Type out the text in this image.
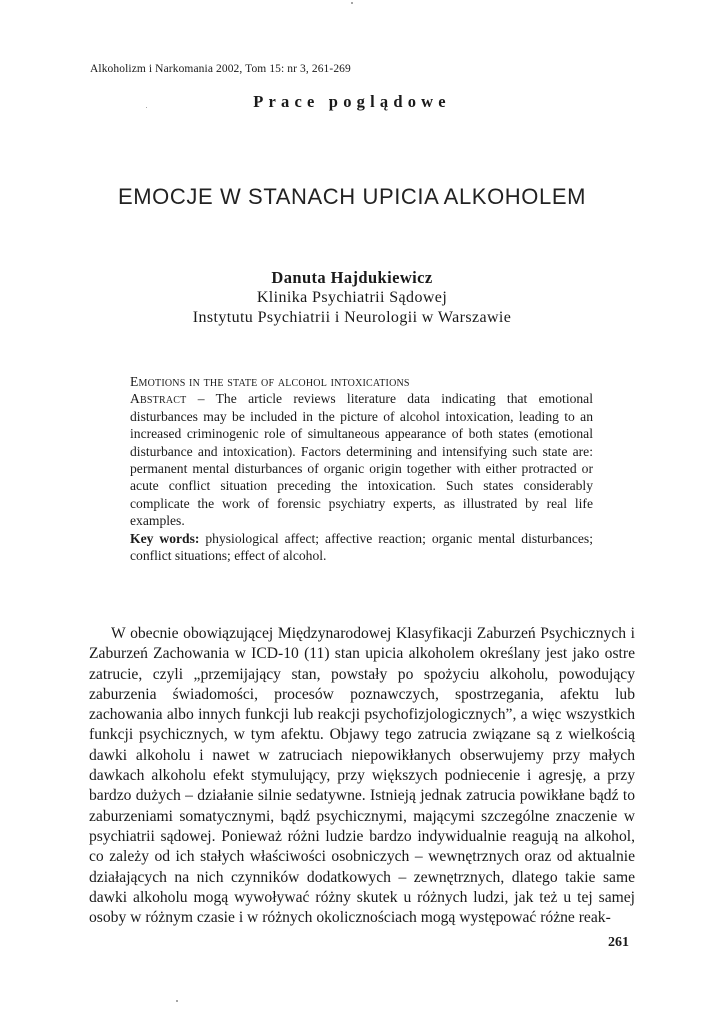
Alkoholizm i Narkomania 2002, Tom 15: nr 3, 261-269
Prace poglądowe
EMOCJE W STANACH UPICIA ALKOHOLEM
Danuta Hajdukiewicz
Klinika Psychiatrii Sądowej
Instytutu Psychiatrii i Neurologii w Warszawie

Emotions in the state of alcohol intoxications

Abstract – The article reviews literature data indicating that emotional disturbances may be included in the picture of alcohol intoxication, leading to an increased criminogenic role of simultaneous appearance of both states (emotional disturbance and intoxication). Factors determining and intensifying such state are: permanent mental disturbances of organic origin together with either protracted or acute conflict situation preceding the intoxication. Such states considerably complicate the work of forensic psychiatry experts, as illustrated by real life examples.

Key words: physiological affect; affective reaction; organic mental disturbances; conflict situations; effect of alcohol.

W obecnie obowiązującej Międzynarodowej Klasyfikacji Zaburzeń Psychicznych i Zaburzeń Zachowania w ICD-10 (11) stan upicia alkoholem określany jest jako ostre zatrucie, czyli „przemijający stan, powstały po spożyciu alkoholu, powodujący zaburzenia świadomości, procesów poznawczych, spostrzegania, afektu lub zachowania albo innych funkcji lub reakcji psychofizjologicznych”, a więc wszystkich funkcji psychicznych, w tym afektu. Objawy tego zatrucia związane są z wielkością dawki alkoholu i nawet w zatruciach niepowikłanych obserwujemy przy małych dawkach alkoholu efekt stymulujący, przy większych podniecenie i agresję, a przy bardzo dużych – działanie silnie sedatywne. Istnieją jednak zatrucia powikłane bądź to zaburzeniami somatycznymi, bądź psychicznymi, mającymi szczególne znaczenie w psychiatrii sądowej. Ponieważ różni ludzie bardzo indywidualnie reagują na alkohol, co zależy od ich stałych właściwości osobniczych – wewnętrznych oraz od aktualnie działających na nich czynników dodatkowych – zewnętrznych, dlatego takie same dawki alkoholu mogą wywoływać różny skutek u różnych ludzi, jak też u tej samej osoby w różnym czasie i w różnych okolicznościach mogą występować różne reak-

261
